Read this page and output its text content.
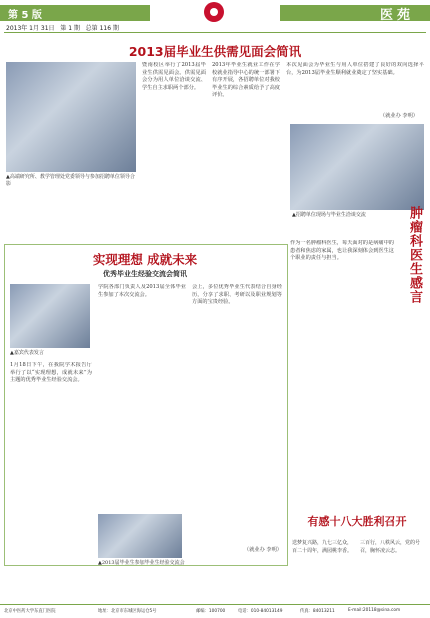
第 5 版	医苑
2013年 1月 31日 第 1 期 总第 116 期
2013届毕业生供需见面会简讯
▲高端研究所、教学管理处党委领导与参加招聘单位领导合影
暨南校区举行了2013届毕业生供需见面会。供需见面会分为用人单位洽谈交流、学生自主求职两个部分。
2013年毕业生就业工作在学校就业指导中心的统一部署下有序开展，各招聘单位对我校毕业生的综合素质给予了高度评价。
本次见面会为毕业生与用人单位搭建了良好的双向选择平台，为2013届毕业生顺利就业奠定了坚实基础。
（就业办 李明）
▲招聘单位现场与毕业生洽谈交流
实现理想 成就未来
优秀毕业生经验交流会简讯
▲嘉宾代表发言
1月18日下午，在我院学术报告厅举行了以“实现理想，成就未来”为主题的优秀毕业生经验交流会。
学院各部门负责人及2013届全体毕业生参加了本次交流会。
会上，多位优秀毕业生代表结合自身经历，分享了求职、考研以及职业规划等方面的宝贵经验。
▲2013届毕业生参加毕业生经验交流会
（就业办 李明）
肿瘤科医生感言
作为一名肿瘤科医生，每天面对的是病痛中的患者和焦虑的家属，也让我深刻体会到医生这个职业的责任与担当。
有感十八大胜利召开
送梦复兴路，九七三亿众，百二十周年，满园桃李香。
三百行，八秩风云，党的号召，胸怀凌云志。
北京中医药大学东直门医院	地址：北京市东城区海运仓5号	邮编：100700	电话：010-84013149	传真：84013211	E-mail:20118@sina.com
